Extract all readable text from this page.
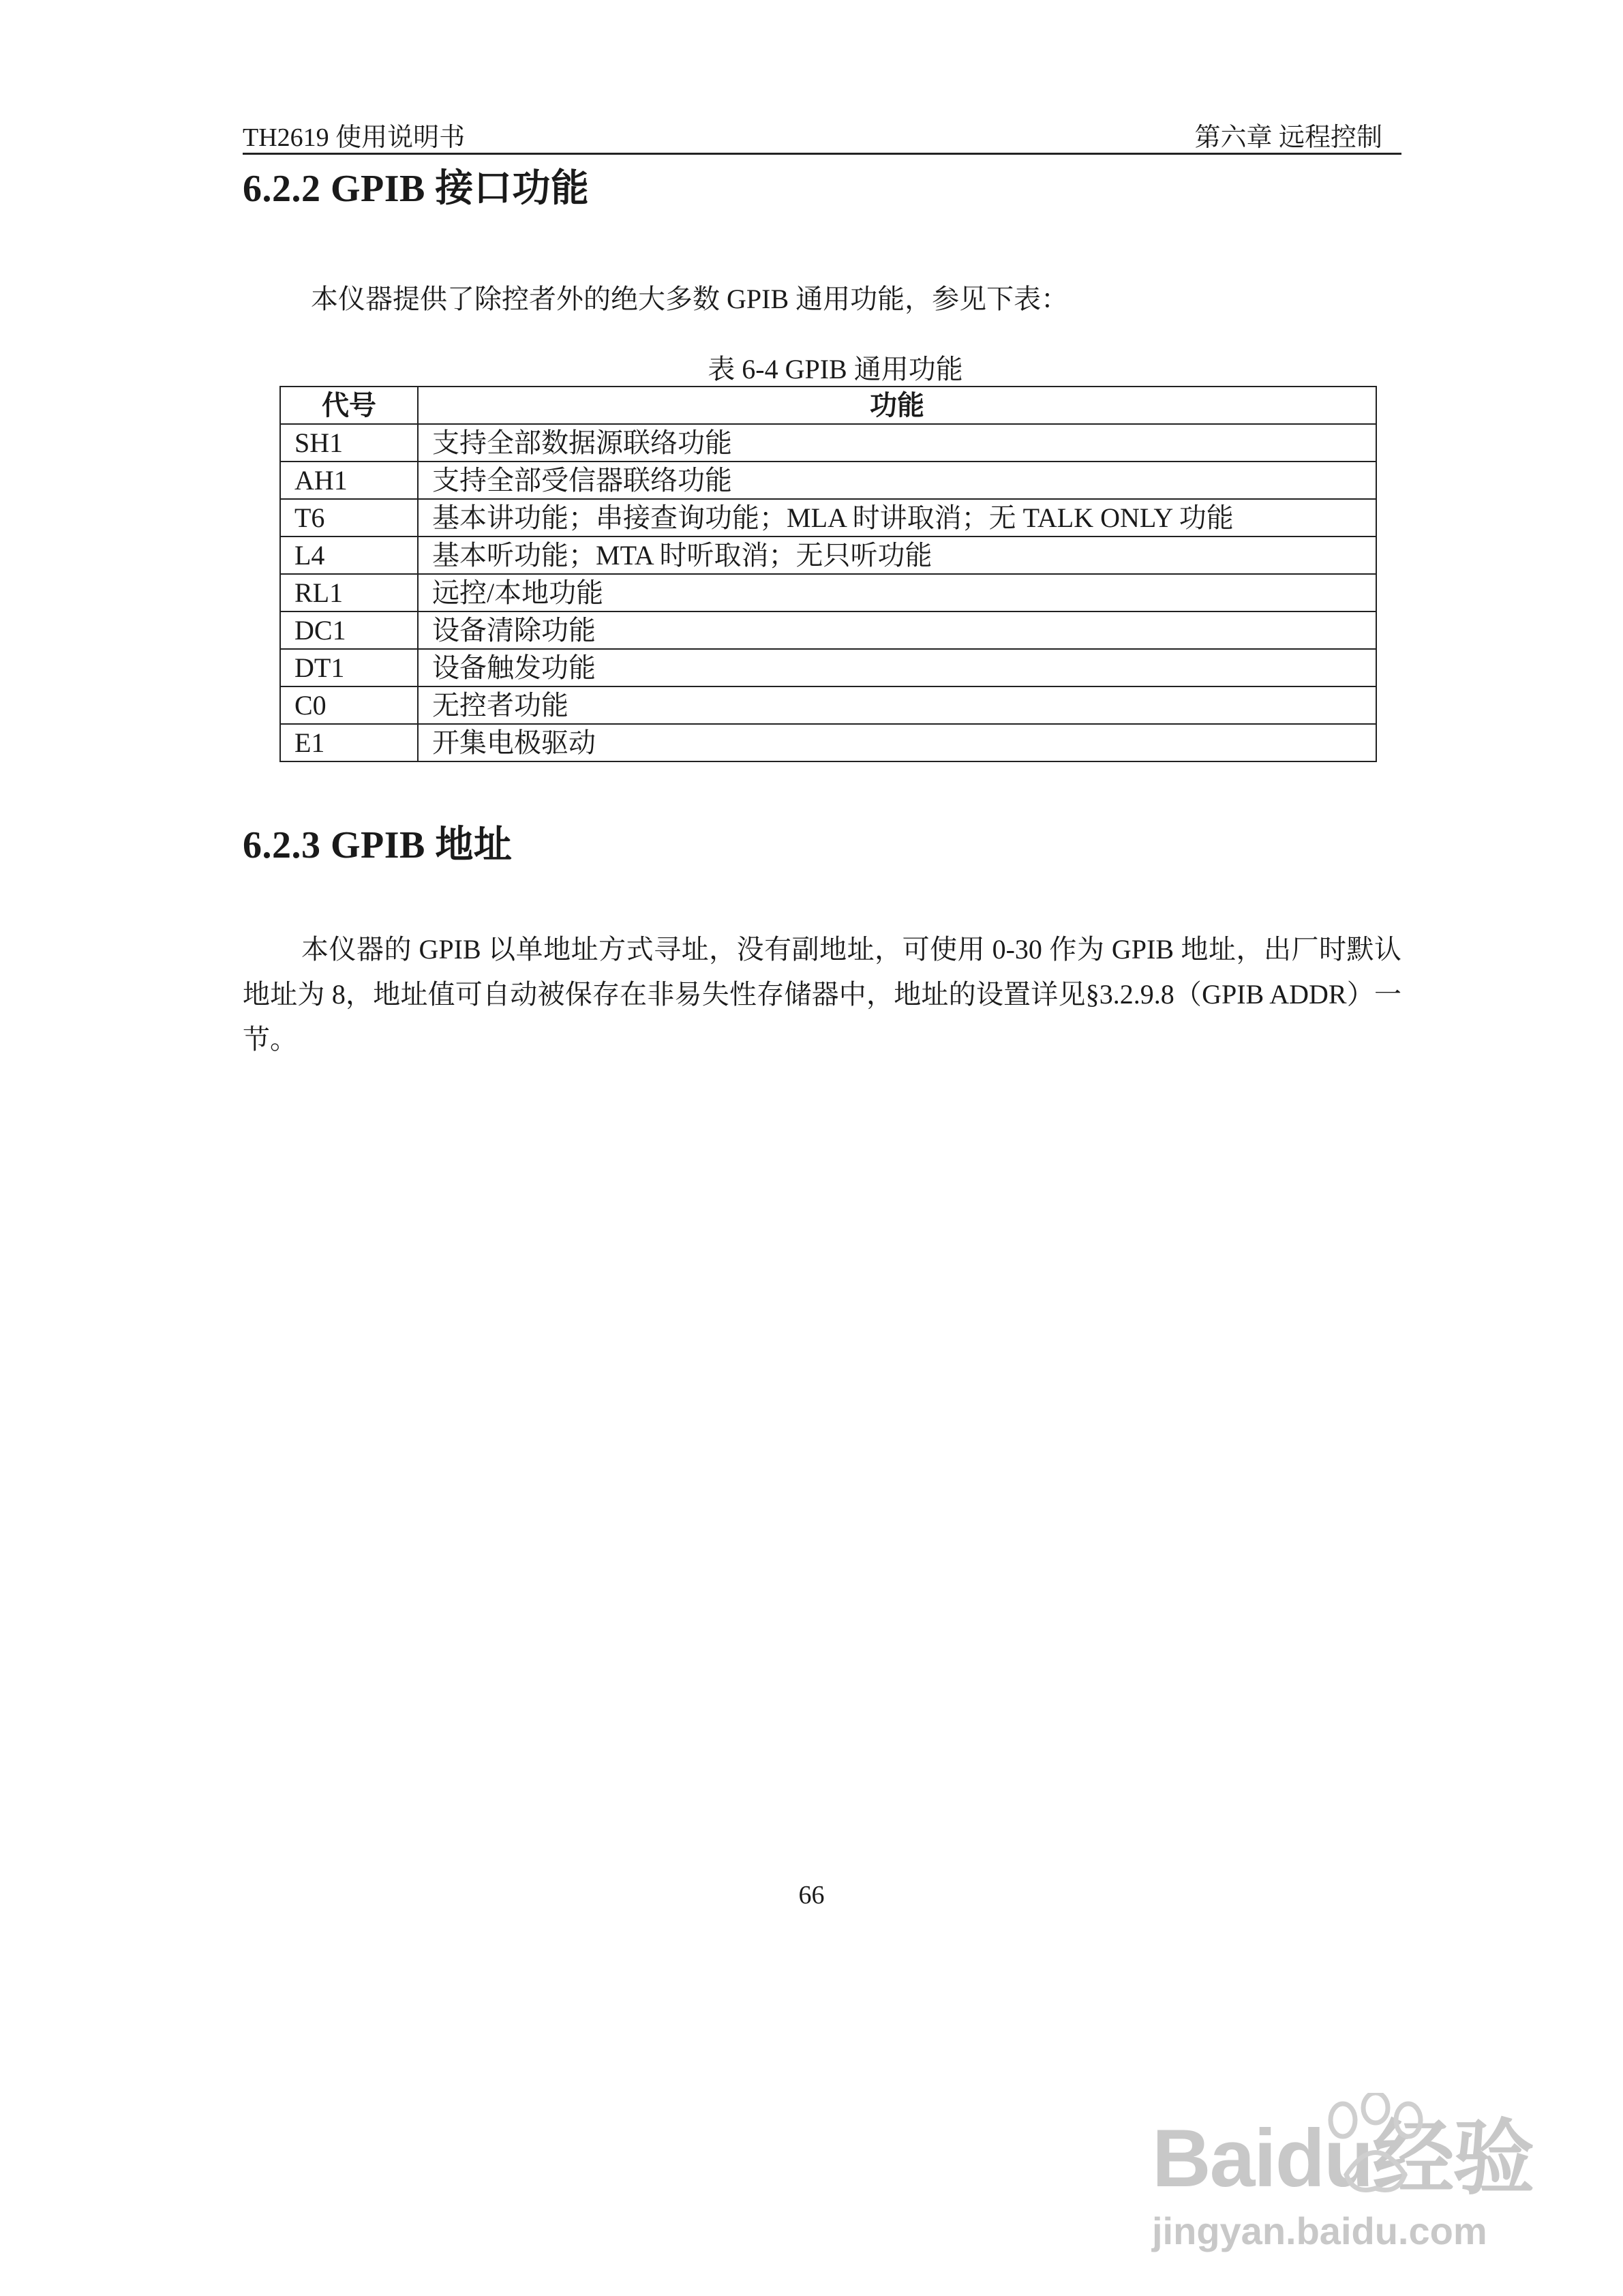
TH2619 使用说明书	第六章 远程控制
6.2.2 GPIB 接口功能

本仪器提供了除控者外的绝大多数 GPIB 通用功能，参见下表：

表 6-4 GPIB 通用功能
代号	功能
SH1	支持全部数据源联络功能
AH1	支持全部受信器联络功能
T6	基本讲功能；串接查询功能；MLA 时讲取消；无 TALK ONLY 功能
L4	基本听功能；MTA 时听取消；无只听功能
RL1	远控/本地功能
DC1	设备清除功能
DT1	设备触发功能
C0	无控者功能
E1	开集电极驱动
6.2.3 GPIB 地址

本仪器的 GPIB 以单地址方式寻址，没有副地址，可使用 0-30 作为 GPIB 地址，出厂时默认地址为 8，地址值可自动被保存在非易失性存储器中，地址的设置详见§3.2.9.8（GPIB ADDR）一节。

66
Baidu经验
jingyan.baidu.com
